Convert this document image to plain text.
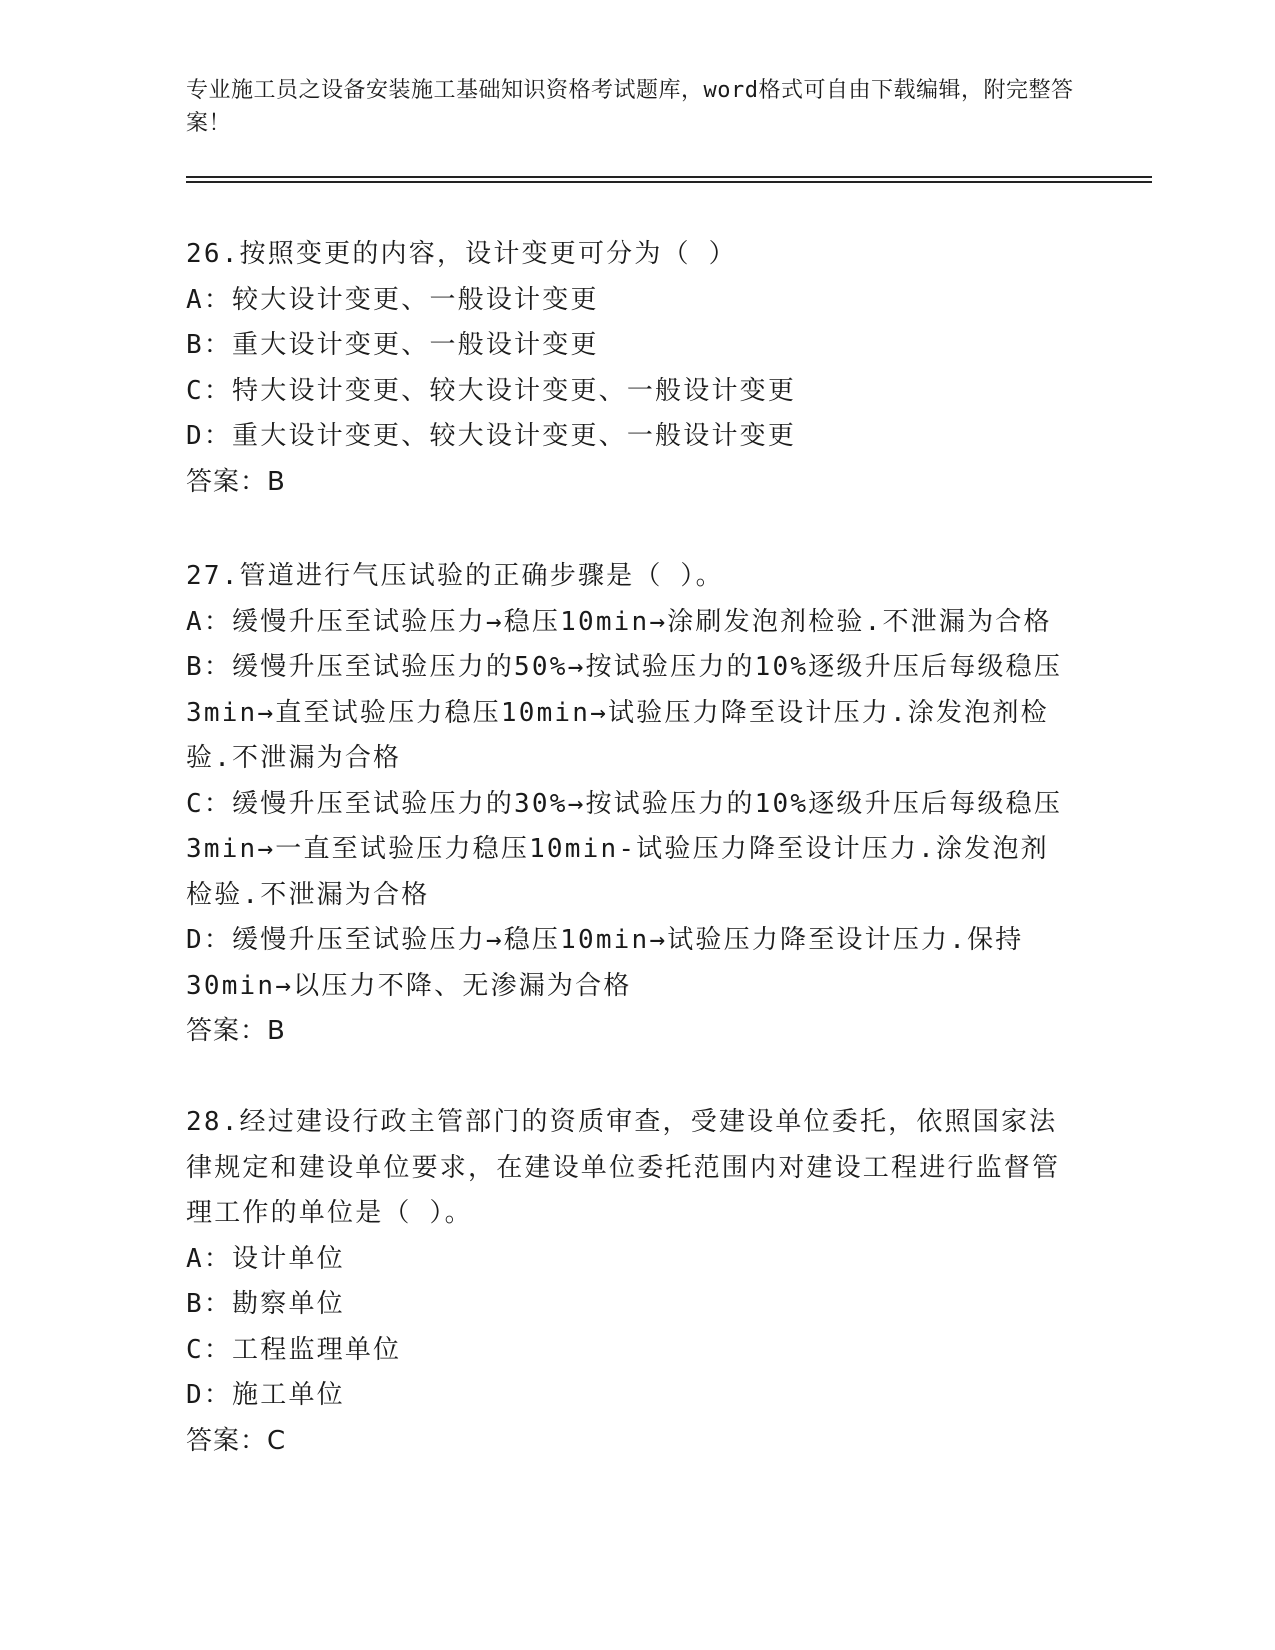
专业施工员之设备安装施工基础知识资格考试题库，word格式可自由下载编辑，附完整答案！
26.按照变更的内容，设计变更可分为（ ）
A：较大设计变更、一般设计变更
B：重大设计变更、一般设计变更
C：特大设计变更、较大设计变更、一般设计变更
D：重大设计变更、较大设计变更、一般设计变更
答案：B
27.管道进行气压试验的正确步骤是（ ）。
A：缓慢升压至试验压力→稳压10min→涂刷发泡剂检验.不泄漏为合格
B：缓慢升压至试验压力的50%→按试验压力的10%逐级升压后每级稳压3min→直至试验压力稳压10min→试验压力降至设计压力.涂发泡剂检验.不泄漏为合格
C：缓慢升压至试验压力的30%→按试验压力的10%逐级升压后每级稳压3min→一直至试验压力稳压10min-试验压力降至设计压力.涂发泡剂检验.不泄漏为合格
D：缓慢升压至试验压力→稳压10min→试验压力降至设计压力.保持30min→以压力不降、无渗漏为合格
答案：B
28.经过建设行政主管部门的资质审查，受建设单位委托，依照国家法律规定和建设单位要求，在建设单位委托范围内对建设工程进行监督管理工作的单位是（ ）。
A：设计单位
B：勘察单位
C：工程监理单位
D：施工单位
答案：C
